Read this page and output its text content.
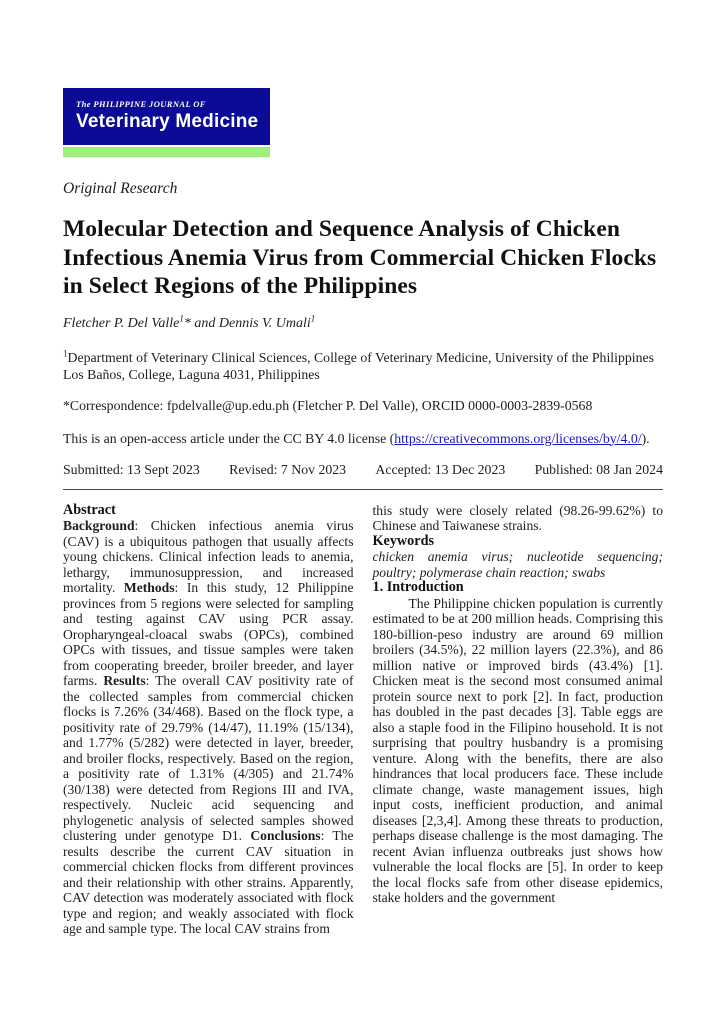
The PHILIPPINE JOURNAL OF
Veterinary Medicine
Original Research
Molecular Detection and Sequence Analysis of Chicken Infectious Anemia Virus from Commercial Chicken Flocks in Select Regions of the Philippines

Fletcher P. Del Valle$^1$* and Dennis V. Umali$^1$

$^1$Department of Veterinary Clinical Sciences, College of Veterinary Medicine, University of the Philippines Los Baños, College, Laguna 4031, Philippines

*Correspondence: fpdelvalle@up.edu.ph (Fletcher P. Del Valle), ORCID 0000-0003-2839-0568

This is an open-access article under the CC BY 4.0 license (https://creativecommons.org/licenses/by/4.0/).

Submitted: 13 Sept 2023 Revised: 7 Nov 2023 Accepted: 13 Dec 2023 Published: 08 Jan 2024
Abstract

Background: Chicken infectious anemia virus (CAV) is a ubiquitous pathogen that usually affects young chickens. Clinical infection leads to anemia, lethargy, immunosuppression, and increased mortality. Methods: In this study, 12 Philippine provinces from 5 regions were selected for sampling and testing against CAV using PCR assay. Oropharyngeal-cloacal swabs (OPCs), combined OPCs with tissues, and tissue samples were taken from cooperating breeder, broiler breeder, and layer farms. Results: The overall CAV positivity rate of the collected samples from commercial chicken flocks is 7.26% (34/468). Based on the flock type, a positivity rate of 29.79% (14/47), 11.19% (15/134), and 1.77% (5/282) were detected in layer, breeder, and broiler flocks, respectively. Based on the region, a positivity rate of 1.31% (4/305) and 21.74% (30/138) were detected from Regions III and IVA, respectively. Nucleic acid sequencing and phylogenetic analysis of selected samples showed clustering under genotype D1. Conclusions: The results describe the current CAV situation in commercial chicken flocks from different provinces and their relationship with other strains. Apparently, CAV detection was moderately associated with flock type and region; and weakly associated with flock age and sample type. The local CAV strains from

this study were closely related (98.26-99.62%) to Chinese and Taiwanese strains.

Keywords

chicken anemia virus; nucleotide sequencing; poultry; polymerase chain reaction; swabs

1. Introduction

The Philippine chicken population is currently estimated to be at 200 million heads. Comprising this 180-billion-peso industry are around 69 million broilers (34.5%), 22 million layers (22.3%), and 86 million native or improved birds (43.4%) [1]. Chicken meat is the second most consumed animal protein source next to pork [2]. In fact, production has doubled in the past decades [3]. Table eggs are also a staple food in the Filipino household. It is not surprising that poultry husbandry is a promising venture. Along with the benefits, there are also hindrances that local producers face. These include climate change, waste management issues, high input costs, inefficient production, and animal diseases [2,3,4]. Among these threats to production, perhaps disease challenge is the most damaging. The recent Avian influenza outbreaks just shows how vulnerable the local flocks are [5]. In order to keep the local flocks safe from other disease epidemics, stake holders and the government
